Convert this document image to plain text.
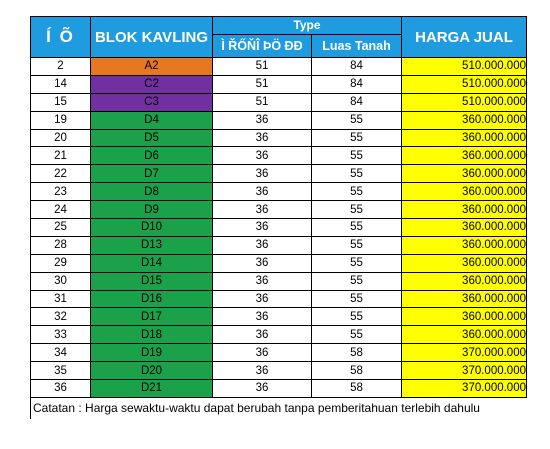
Í Õ	BLOK KAVLING	Type		HARGA JUAL
		Ì ŘŐŇÎ ÞÖ ÐÐ	Luas Tanah	
2	A2	51	84	510.000.000
14	C2	51	84	510.000.000
15	C3	51	84	510.000.000
19	D4	36	55	360.000.000
20	D5	36	55	360.000.000
21	D6	36	55	360.000.000
22	D7	36	55	360.000.000
23	D8	36	55	360.000.000
24	D9	36	55	360.000.000
25	D10	36	55	360.000.000
28	D13	36	55	360.000.000
29	D14	36	55	360.000.000
30	D15	36	55	360.000.000
31	D16	36	55	360.000.000
32	D17	36	55	360.000.000
33	D18	36	55	360.000.000
34	D19	36	58	370.000.000
35	D20	36	58	370.000.000
36	D21	36	58	370.000.000
Catatan : Harga sewaktu-waktu dapat berubah tanpa pemberitahuan terlebih dahulu
